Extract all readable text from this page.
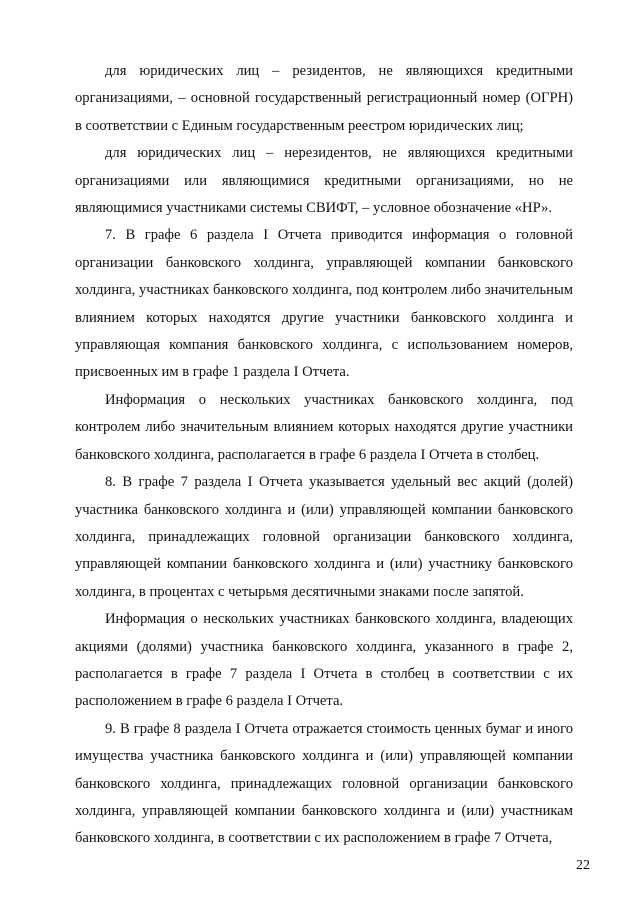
для юридических лиц – резидентов, не являющихся кредитными организациями, – основной государственный регистрационный номер (ОГРН) в соответствии с Единым государственным реестром юридических лиц;

для юридических лиц – нерезидентов, не являющихся кредитными организациями или являющимися кредитными организациями, но не являющимися участниками системы СВИФТ, – условное обозначение «НР».

7. В графе 6 раздела I Отчета приводится информация о головной организации банковского холдинга, управляющей компании банковского холдинга, участниках банковского холдинга, под контролем либо значительным влиянием которых находятся другие участники банковского холдинга и управляющая компания банковского холдинга, с использованием номеров, присвоенных им в графе 1 раздела I Отчета.

Информация о нескольких участниках банковского холдинга, под контролем либо значительным влиянием которых находятся другие участники банковского холдинга, располагается в графе 6 раздела I Отчета в столбец.

8. В графе 7 раздела I Отчета указывается удельный вес акций (долей) участника банковского холдинга и (или) управляющей компании банковского холдинга, принадлежащих головной организации банковского холдинга, управляющей компании банковского холдинга и (или) участнику банковского холдинга, в процентах с четырьмя десятичными знаками после запятой.

Информация о нескольких участниках банковского холдинга, владеющих акциями (долями) участника банковского холдинга, указанного в графе 2, располагается в графе 7 раздела I Отчета в столбец в соответствии с их расположением в графе 6 раздела I Отчета.

9. В графе 8 раздела I Отчета отражается стоимость ценных бумаг и иного имущества участника банковского холдинга и (или) управляющей компании банковского холдинга, принадлежащих головной организации банковского холдинга, управляющей компании банковского холдинга и (или) участникам банковского холдинга, в соответствии с их расположением в графе 7 Отчета,

22
